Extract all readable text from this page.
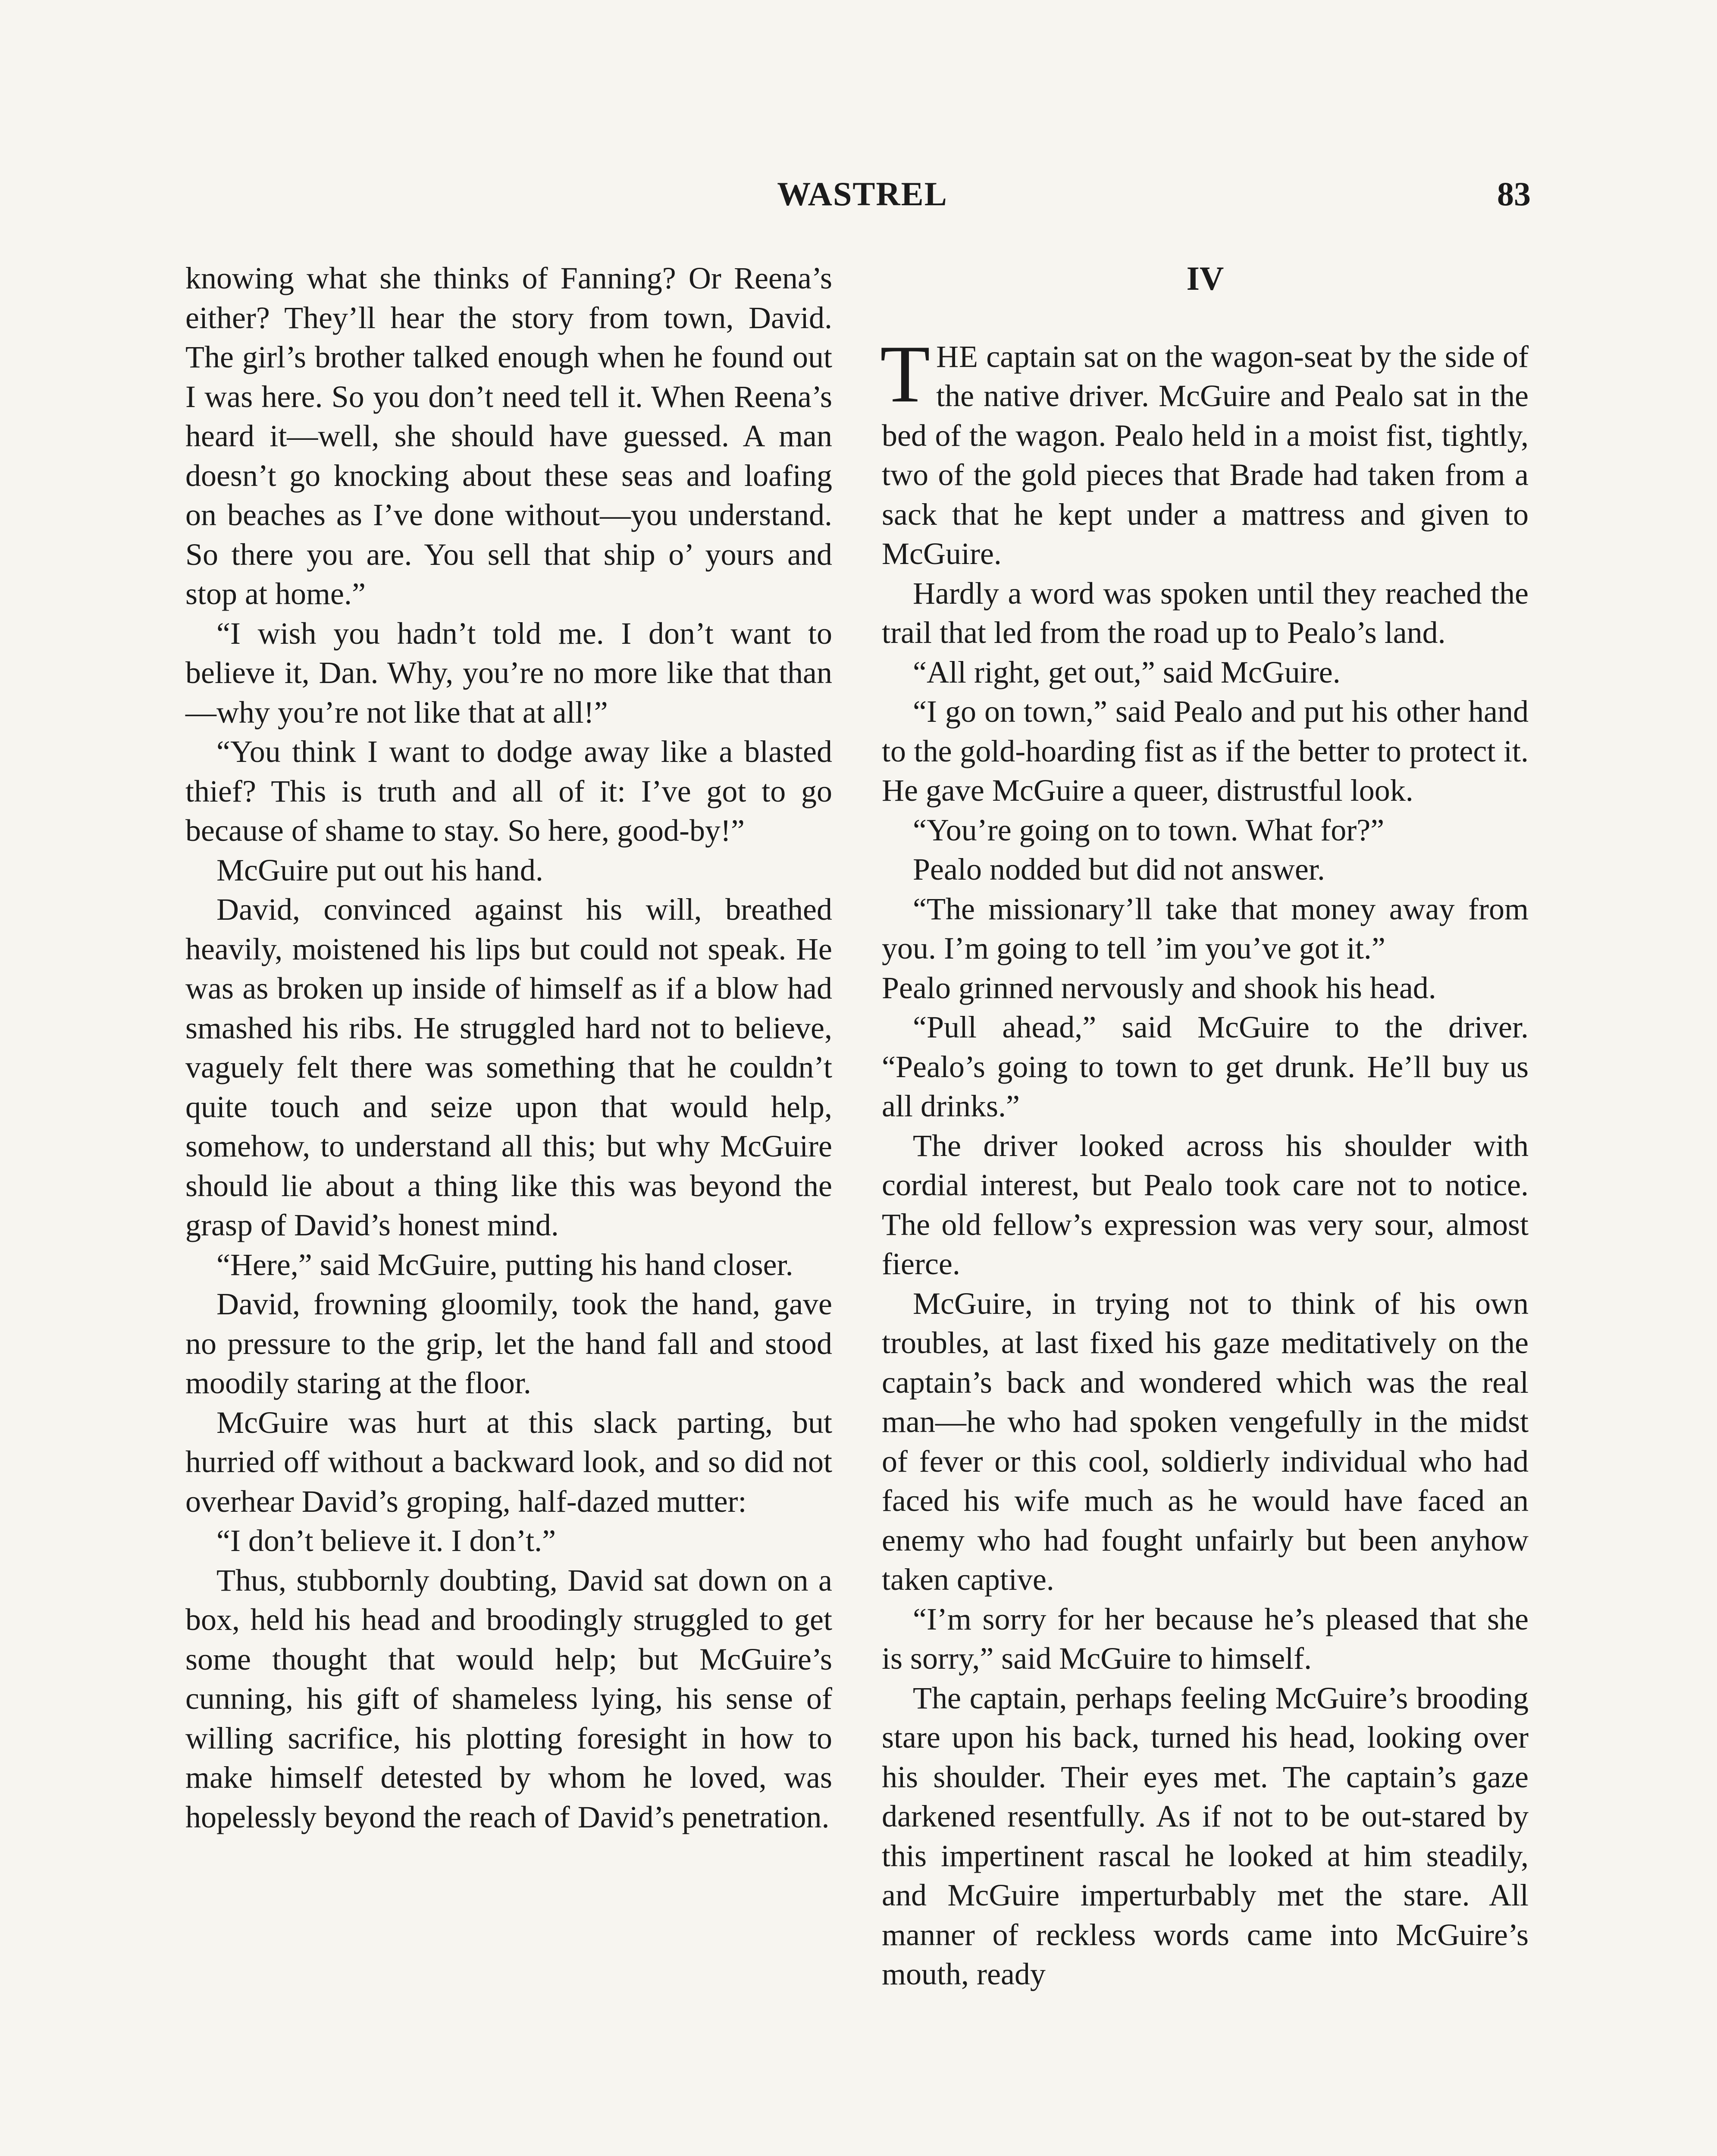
WASTREL	83

knowing what she thinks of Fanning? Or Reena’s either? They’ll hear the story from town, David. The girl’s brother talked enough when he found out I was here. So you don’t need tell it. When Reena’s heard it—well, she should have guessed. A man doesn’t go knocking about these seas and loafing on beaches as I’ve done without—you understand. So there you are. You sell that ship o’ yours and stop at home.”

“I wish you hadn’t told me. I don’t want to believe it, Dan. Why, you’re no more like that than—why you’re not like that at all!”

“You think I want to dodge away like a blasted thief? This is truth and all of it: I’ve got to go because of shame to stay. So here, good-by!”

McGuire put out his hand.

David, convinced against his will, breathed heavily, moistened his lips but could not speak. He was as broken up inside of himself as if a blow had smashed his ribs. He struggled hard not to believe, vaguely felt there was something that he couldn’t quite touch and seize upon that would help, somehow, to understand all this; but why McGuire should lie about a thing like this was beyond the grasp of David’s honest mind.

“Here,” said McGuire, putting his hand closer.

David, frowning gloomily, took the hand, gave no pressure to the grip, let the hand fall and stood moodily staring at the floor.

McGuire was hurt at this slack parting, but hurried off without a backward look, and so did not overhear David’s groping, half-dazed mutter:

“I don’t believe it. I don’t.”

Thus, stubbornly doubting, David sat down on a box, held his head and broodingly struggled to get some thought that would help; but McGuire’s cunning, his gift of shameless lying, his sense of willing sacrifice, his plotting foresight in how to make himself detested by whom he loved, was hopelessly beyond the reach of David’s penetration.

IV

THE captain sat on the wagon-seat by the side of the native driver. McGuire and Pealo sat in the bed of the wagon. Pealo held in a moist fist, tightly, two of the gold pieces that Brade had taken from a sack that he kept under a mattress and given to McGuire.

Hardly a word was spoken until they reached the trail that led from the road up to Pealo’s land.

“All right, get out,” said McGuire.

“I go on town,” said Pealo and put his other hand to the gold-hoarding fist as if the better to protect it. He gave McGuire a queer, distrustful look.

“You’re going on to town. What for?”

Pealo nodded but did not answer.

“The missionary’ll take that money away from you. I’m going to tell ’im you’ve got it.”

Pealo grinned nervously and shook his head.

“Pull ahead,” said McGuire to the driver. “Pealo’s going to town to get drunk. He’ll buy us all drinks.”

The driver looked across his shoulder with cordial interest, but Pealo took care not to notice. The old fellow’s expression was very sour, almost fierce.

McGuire, in trying not to think of his own troubles, at last fixed his gaze meditatively on the captain’s back and wondered which was the real man—he who had spoken vengefully in the midst of fever or this cool, soldierly individual who had faced his wife much as he would have faced an enemy who had fought unfairly but been anyhow taken captive.

“I’m sorry for her because he’s pleased that she is sorry,” said McGuire to himself.

The captain, perhaps feeling McGuire’s brooding stare upon his back, turned his head, looking over his shoulder. Their eyes met. The captain’s gaze darkened resentfully. As if not to be out-stared by this impertinent rascal he looked at him steadily, and McGuire imperturbably met the stare. All manner of reckless words came into McGuire’s mouth, ready
